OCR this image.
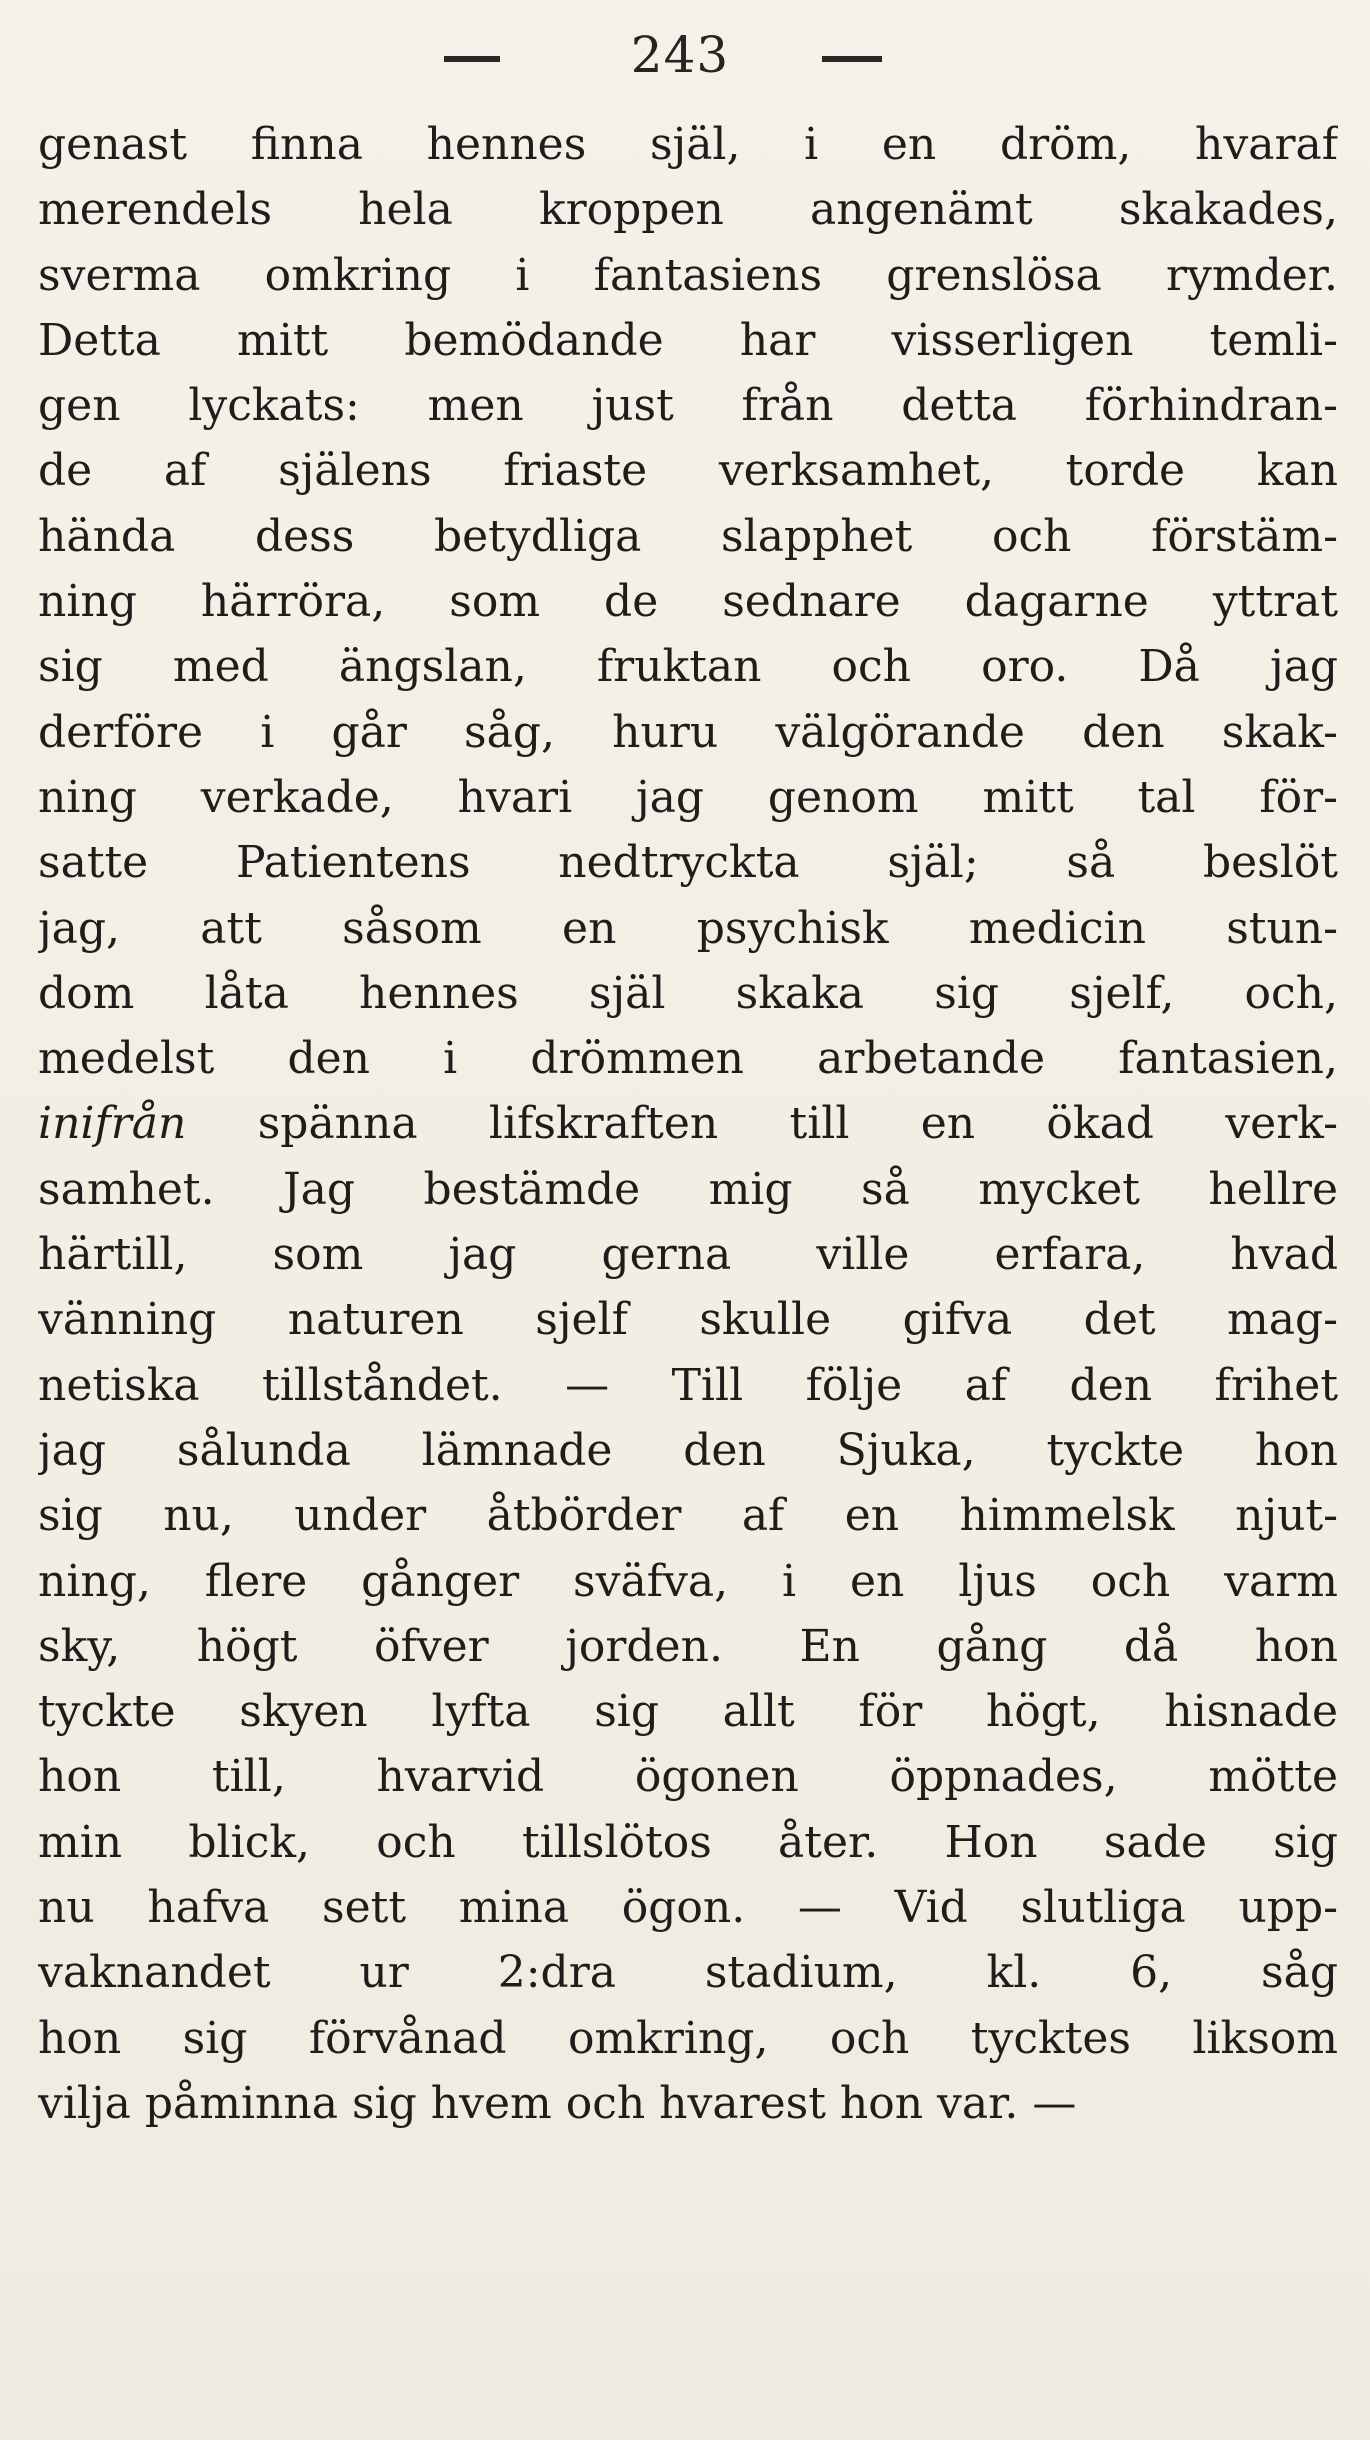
243
genast finna hennes själ, i en dröm, hvaraf
merendels hela kroppen angenämt skakades,
sverma omkring i fantasiens grenslösa rymder.
Detta mitt bemödande har visserligen temli-
gen lyckats: men just från detta förhindran-
de af själens friaste verksamhet, torde kan
hända dess betydliga slapphet och förstäm-
ning härröra, som de sednare dagarne yttrat
sig med ängslan, fruktan och oro. Då jag
derföre i går såg, huru välgörande den skak-
ning verkade, hvari jag genom mitt tal för-
satte Patientens nedtryckta själ; så beslöt
jag, att såsom en psychisk medicin stun-
dom låta hennes själ skaka sig sjelf, och,
medelst den i drömmen arbetande fantasien,
inifrån spänna lifskraften till en ökad verk-
samhet. Jag bestämde mig så mycket hellre
härtill, som jag gerna ville erfara, hvad
vänning naturen sjelf skulle gifva det mag-
netiska tillståndet. — Till följe af den frihet
jag sålunda lämnade den Sjuka, tyckte hon
sig nu, under åtbörder af en himmelsk njut-
ning, flere gånger sväfva, i en ljus och varm
sky, högt öfver jorden. En gång då hon
tyckte skyen lyfta sig allt för högt, hisnade
hon till, hvarvid ögonen öppnades, mötte
min blick, och tillslötos åter. Hon sade sig
nu hafva sett mina ögon. — Vid slutliga upp-
vaknandet ur 2:dra stadium, kl. 6, såg
hon sig förvånad omkring, och tycktes liksom
vilja påminna sig hvem och hvarest hon var. —
